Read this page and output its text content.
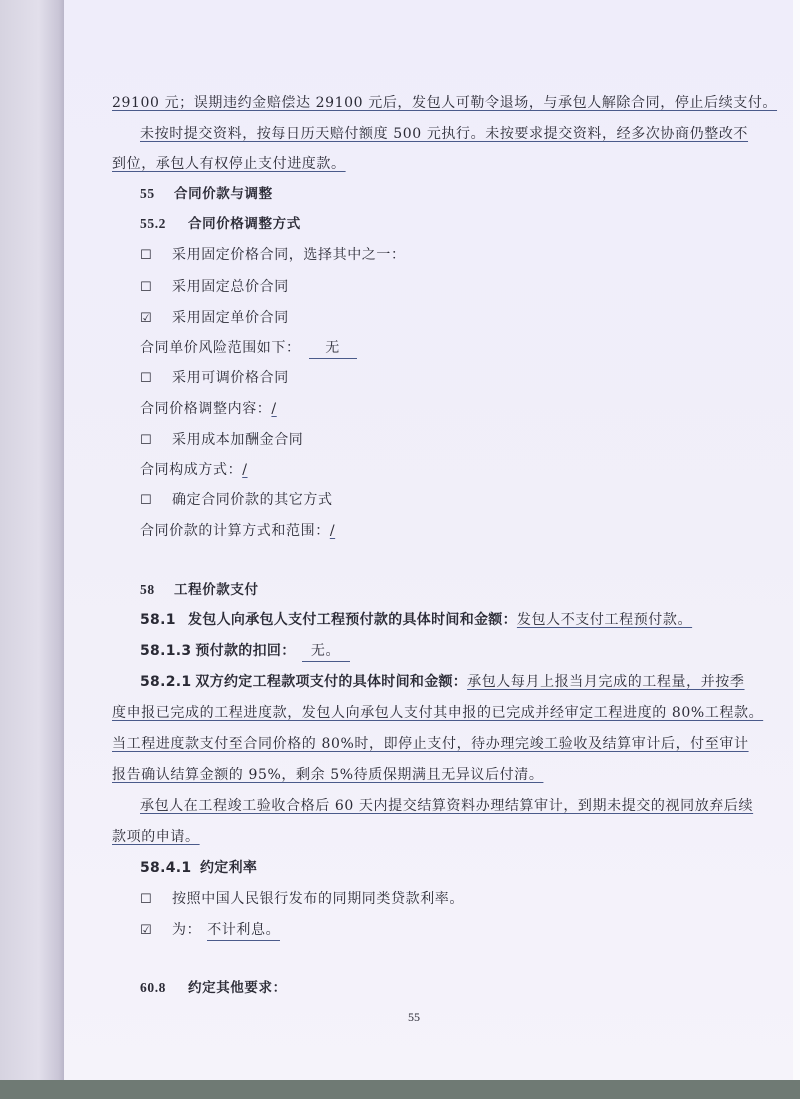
29100 元；误期违约金赔偿达 29100 元后，发包人可勒令退场，与承包人解除合同，停止后续支付。
未按时提交资料，按每日历天赔付额度 500 元执行。未按要求提交资料，经多次协商仍整改不
到位，承包人有权停止支付进度款。
55 合同价款与调整
55.2 合同价格调整方式
☐ 采用固定价格合同，选择其中之一：
☐ 采用固定总价合同
☑ 采用固定单价合同
合同单价风险范围如下： 无
☐ 采用可调价格合同
合同价格调整内容：/
☐ 采用成本加酬金合同
合同构成方式：/
☐ 确定合同价款的其它方式
合同价款的计算方式和范围：/
58 工程价款支付
58.1 发包人向承包人支付工程预付款的具体时间和金额：发包人不支付工程预付款。
58.1.3 预付款的扣回： 无。
58.2.1 双方约定工程款项支付的具体时间和金额：承包人每月上报当月完成的工程量，并按季
度申报已完成的工程进度款，发包人向承包人支付其申报的已完成并经审定工程进度的 80%工程款。
当工程进度款支付至合同价格的 80%时，即停止支付，待办理完竣工验收及结算审计后，付至审计
报告确认结算金额的 95%，剩余 5%待质保期满且无异议后付清。
承包人在工程竣工验收合格后 60 天内提交结算资料办理结算审计，到期未提交的视同放弃后续
款项的申请。
58.4.1 约定利率
☐ 按照中国人民银行发布的同期同类贷款利率。
☑ 为： 不计利息。
60.8 约定其他要求：
55
